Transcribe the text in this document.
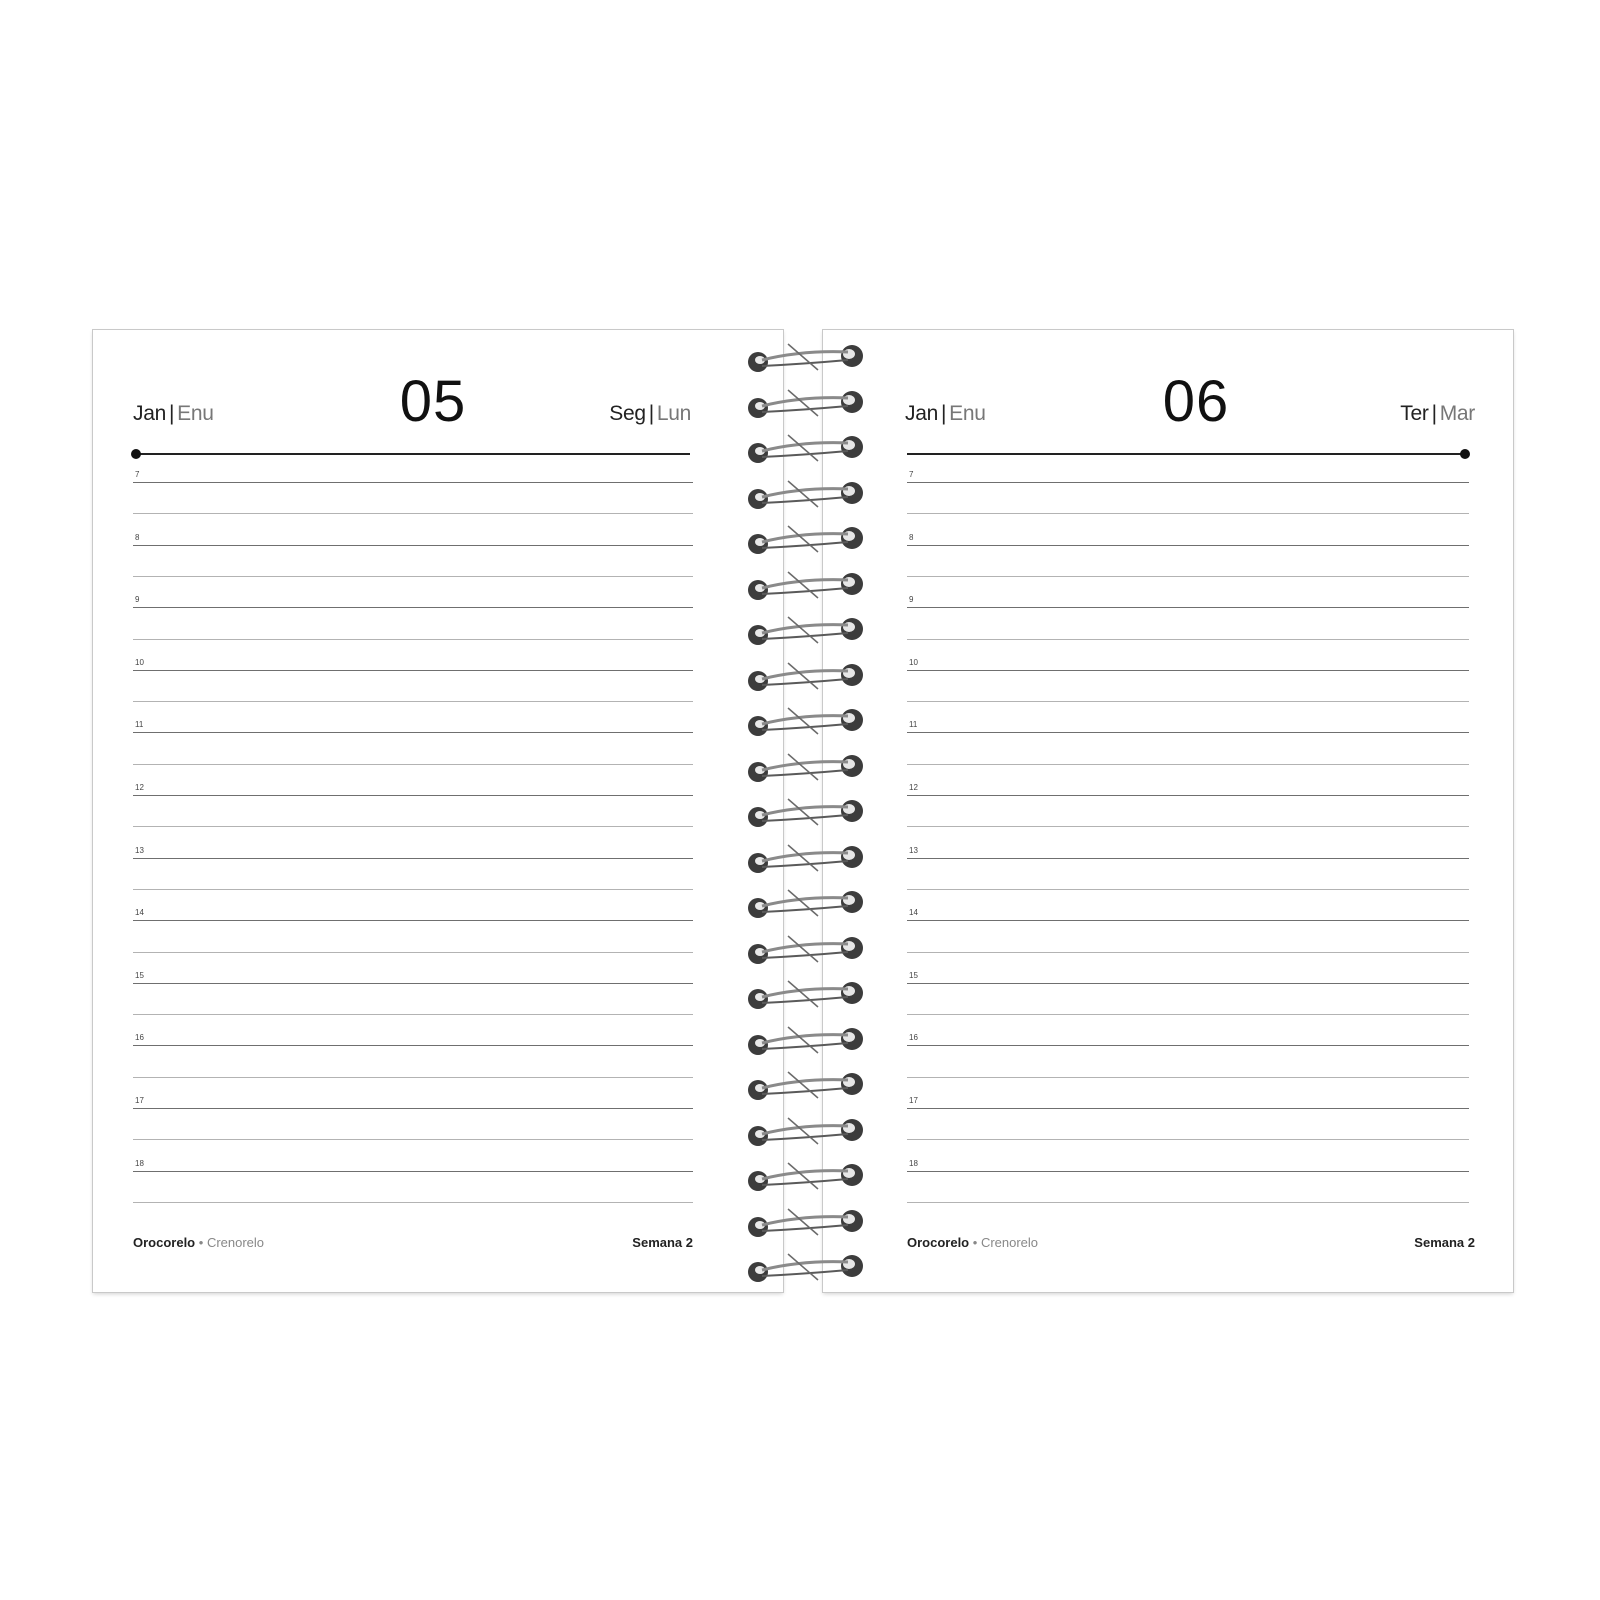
Jan | Enu	05	Seg | Lun
7
8
9
10
11
12
13
14
15
16
17
18
Orocorelo • Crenorelo	Semana 2
Jan | Enu	06	Ter | Mar
7
8
9
10
11
12
13
14
15
16
17
18
Orocorelo • Crenorelo	Semana 2
